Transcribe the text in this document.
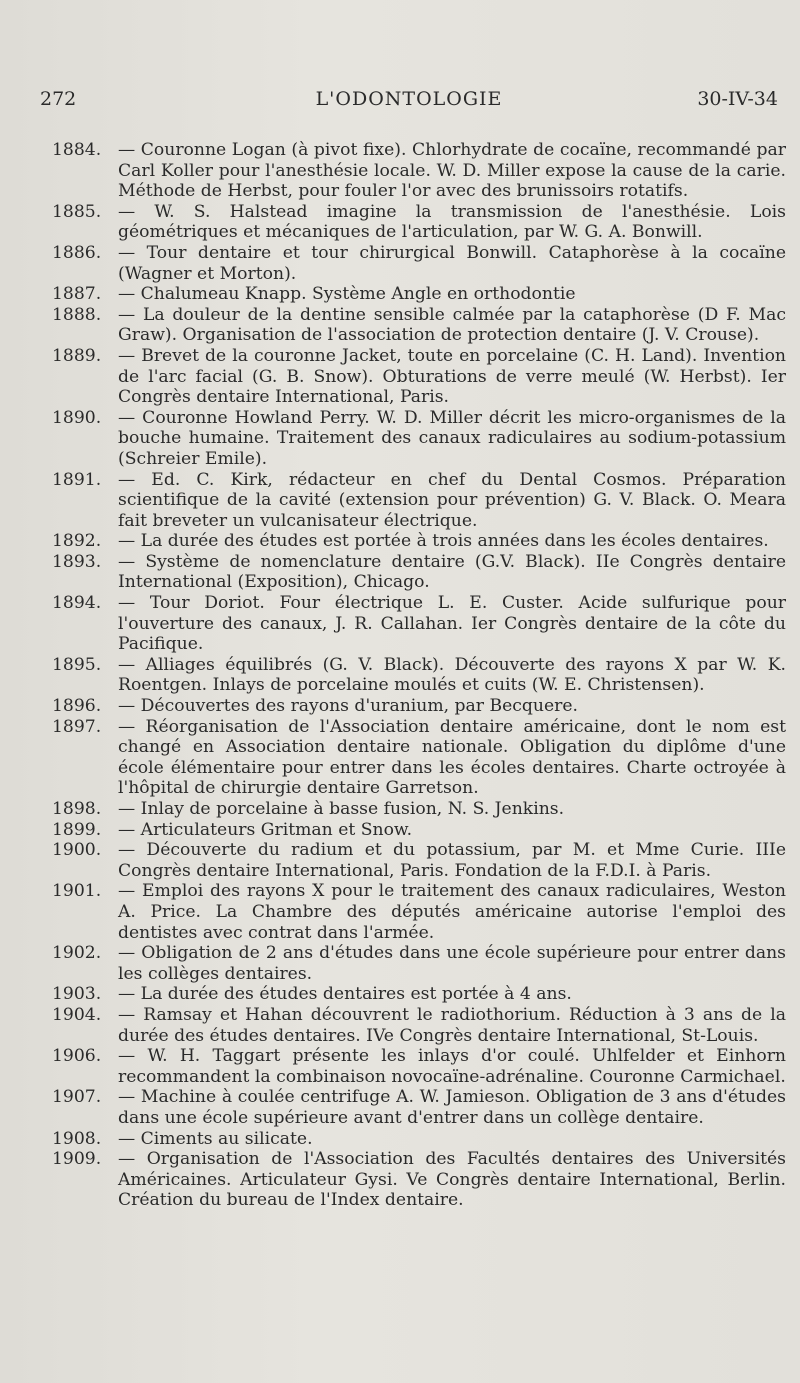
272	L'ODONTOLOGIE	30-IV-34
1884. — Couronne Logan (à pivot fixe). Chlorhydrate de cocaïne, recommandé par Carl Koller pour l'anesthésie locale. W. D. Miller expose la cause de la carie. Méthode de Herbst, pour fouler l'or avec des brunissoirs rotatifs.
1885. — W. S. Halstead imagine la transmission de l'anesthésie. Lois géométriques et mécaniques de l'articulation, par W. G. A. Bonwill.
1886. — Tour dentaire et tour chirurgical Bonwill. Cataphorèse à la cocaïne (Wagner et Morton).
1887. — Chalumeau Knapp. Système Angle en orthodontie
1888. — La douleur de la dentine sensible calmée par la cataphorèse (D F. Mac Graw). Organisation de l'association de protection dentaire (J. V. Crouse).
1889. — Brevet de la couronne Jacket, toute en porcelaine (C. H. Land). Invention de l'arc facial (G. B. Snow). Obturations de verre meulé (W. Herbst). Ier Congrès dentaire International, Paris.
1890. — Couronne Howland Perry. W. D. Miller décrit les micro-organismes de la bouche humaine. Traitement des canaux radiculaires au sodium-potassium (Schreier Emile).
1891. — Ed. C. Kirk, rédacteur en chef du Dental Cosmos. Préparation scientifique de la cavité (extension pour prévention) G. V. Black. O. Meara fait breveter un vulcanisateur électrique.
1892. — La durée des études est portée à trois années dans les écoles dentaires.
1893. — Système de nomenclature dentaire (G.V. Black). IIe Congrès dentaire International (Exposition), Chicago.
1894. — Tour Doriot. Four électrique L. E. Custer. Acide sulfurique pour l'ouverture des canaux, J. R. Callahan. Ier Congrès dentaire de la côte du Pacifique.
1895. — Alliages équilibrés (G. V. Black). Découverte des rayons X par W. K. Roentgen. Inlays de porcelaine moulés et cuits (W. E. Christensen).
1896. — Découvertes des rayons d'uranium, par Becquere.
1897. — Réorganisation de l'Association dentaire américaine, dont le nom est changé en Association dentaire nationale. Obligation du diplôme d'une école élémentaire pour entrer dans les écoles dentaires. Charte octroyée à l'hôpital de chirurgie dentaire Garretson.
1898. — Inlay de porcelaine à basse fusion, N. S. Jenkins.
1899. — Articulateurs Gritman et Snow.
1900. — Découverte du radium et du potassium, par M. et Mme Curie. IIIe Congrès dentaire International, Paris. Fondation de la F.D.I. à Paris.
1901. — Emploi des rayons X pour le traitement des canaux radiculaires, Weston A. Price. La Chambre des députés américaine autorise l'emploi des dentistes avec contrat dans l'armée.
1902. — Obligation de 2 ans d'études dans une école supérieure pour entrer dans les collèges dentaires.
1903. — La durée des études dentaires est portée à 4 ans.
1904. — Ramsay et Hahan découvrent le radiothorium. Réduction à 3 ans de la durée des études dentaires. IVe Congrès dentaire International, St-Louis.
1906. — W. H. Taggart présente les inlays d'or coulé. Uhlfelder et Einhorn recommandent la combinaison novocaïne-adrénaline. Couronne Carmichael.
1907. — Machine à coulée centrifuge A. W. Jamieson. Obligation de 3 ans d'études dans une école supérieure avant d'entrer dans un collège dentaire.
1908. — Ciments au silicate.
1909. — Organisation de l'Association des Facultés dentaires des Universités Américaines. Articulateur Gysi. Ve Congrès dentaire International, Berlin. Création du bureau de l'Index dentaire.
